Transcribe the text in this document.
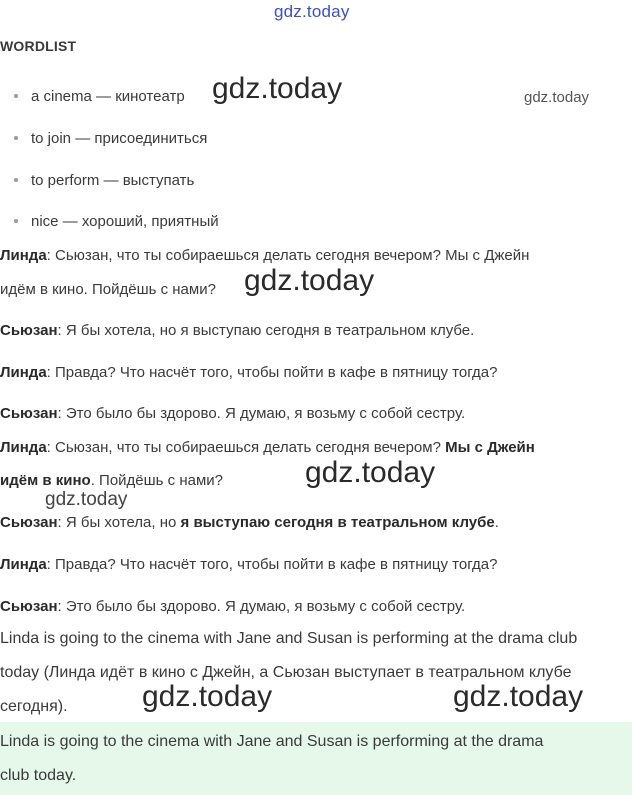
gdz.today
WORDLIST
a cinema — кинотеатр
to join — присоединиться
to perform — выступать
nice — хороший, приятный
Линда: Сьюзан, что ты собираешься делать сегодня вечером? Мы с Джейн
идём в кино. Пойдёшь с нами?
Сьюзан: Я бы хотела, но я выступаю сегодня в театральном клубе.
Линда: Правда? Что насчёт того, чтобы пойти в кафе в пятницу тогда?
Сьюзан: Это было бы здорово. Я думаю, я возьму с собой сестру.
Линда: Сьюзан, что ты собираешься делать сегодня вечером? Мы с Джейн
идём в кино. Пойдёшь с нами?
Сьюзан: Я бы хотела, но я выступаю сегодня в театральном клубе.
Линда: Правда? Что насчёт того, чтобы пойти в кафе в пятницу тогда?
Сьюзан: Это было бы здорово. Я думаю, я возьму с собой сестру.
Linda is going to the cinema with Jane and Susan is performing at the drama club
today (Линда идёт в кино с Джейн, а Сьюзан выступает в театральном клубе
сегодня).
Linda is going to the cinema with Jane and Susan is performing at the drama
club today.
gdz.today	gdz.today
gdz.today
gdz.today
gdz.today
gdz.today	gdz.today
